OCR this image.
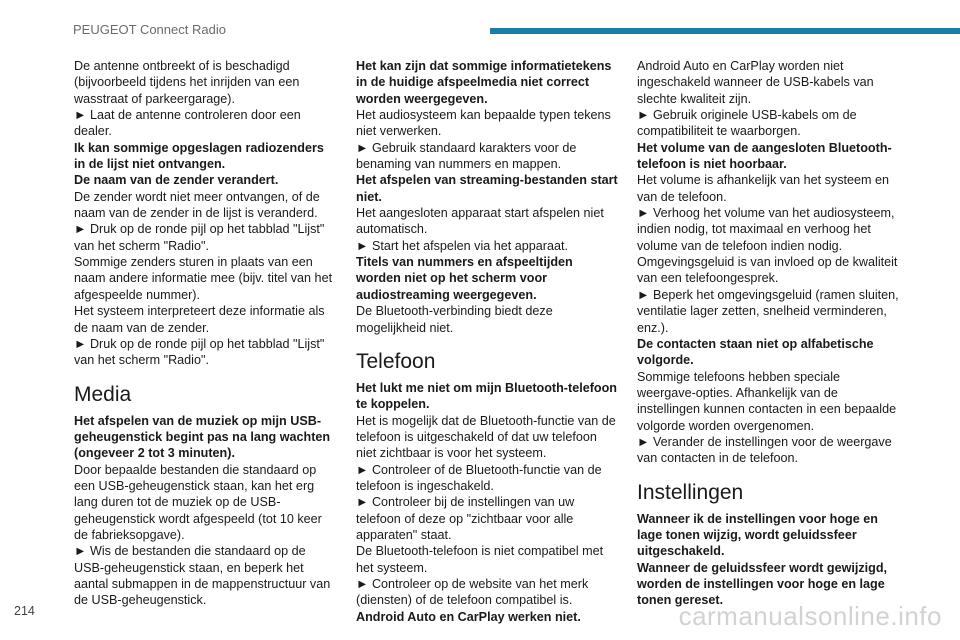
PEUGEOT Connect Radio

De antenne ontbreekt of is beschadigd (bijvoorbeeld tijdens het inrijden van een wasstraat of parkeergarage).

► Laat de antenne controleren door een dealer.

Ik kan sommige opgeslagen radiozenders in de lijst niet ontvangen.

De naam van de zender verandert.

De zender wordt niet meer ontvangen, of de naam van de zender in de lijst is veranderd.

► Druk op de ronde pijl op het tabblad "Lijst" van het scherm "Radio".

Sommige zenders sturen in plaats van een naam andere informatie mee (bijv. titel van het afgespeelde nummer).

Het systeem interpreteert deze informatie als de naam van de zender.

► Druk op de ronde pijl op het tabblad "Lijst" van het scherm "Radio".

Media

Het afspelen van de muziek op mijn USB-geheugenstick begint pas na lang wachten (ongeveer 2 tot 3 minuten).

Door bepaalde bestanden die standaard op een USB-geheugenstick staan, kan het erg lang duren tot de muziek op de USB-geheugenstick wordt afgespeeld (tot 10 keer de fabrieksopgave).

► Wis de bestanden die standaard op de USB-geheugenstick staan, en beperk het aantal submappen in de mappenstructuur van de USB-geheugenstick.

Het kan zijn dat sommige informatietekens in de huidige afspeelmedia niet correct worden weergegeven.

Het audiosysteem kan bepaalde typen tekens niet verwerken.

► Gebruik standaard karakters voor de benaming van nummers en mappen.

Het afspelen van streaming-bestanden start niet.

Het aangesloten apparaat start afspelen niet automatisch.

► Start het afspelen via het apparaat.

Titels van nummers en afspeeltijden worden niet op het scherm voor audiostreaming weergegeven.

De Bluetooth-verbinding biedt deze mogelijkheid niet.

Telefoon

Het lukt me niet om mijn Bluetooth-telefoon te koppelen.

Het is mogelijk dat de Bluetooth-functie van de telefoon is uitgeschakeld of dat uw telefoon niet zichtbaar is voor het systeem.

► Controleer of de Bluetooth-functie van de telefoon is ingeschakeld.

► Controleer bij de instellingen van uw telefoon of deze op "zichtbaar voor alle apparaten" staat.

De Bluetooth-telefoon is niet compatibel met het systeem.

► Controleer op de website van het merk (diensten) of de telefoon compatibel is.

Android Auto en CarPlay werken niet.

Android Auto en CarPlay worden niet ingeschakeld wanneer de USB-kabels van slechte kwaliteit zijn.

► Gebruik originele USB-kabels om de compatibiliteit te waarborgen.

Het volume van de aangesloten Bluetooth-telefoon is niet hoorbaar.

Het volume is afhankelijk van het systeem en van de telefoon.

► Verhoog het volume van het audiosysteem, indien nodig, tot maximaal en verhoog het volume van de telefoon indien nodig.

Omgevingsgeluid is van invloed op de kwaliteit van een telefoongesprek.

► Beperk het omgevingsgeluid (ramen sluiten, ventilatie lager zetten, snelheid verminderen, enz.).

De contacten staan niet op alfabetische volgorde.

Sommige telefoons hebben speciale weergave-opties. Afhankelijk van de instellingen kunnen contacten in een bepaalde volgorde worden overgenomen.

► Verander de instellingen voor de weergave van contacten in de telefoon.

Instellingen

Wanneer ik de instellingen voor hoge en lage tonen wijzig, wordt geluidssfeer uitgeschakeld.

Wanneer de geluidssfeer wordt gewijzigd, worden de instellingen voor hoge en lage tonen gereset.

214	carmanualsonline.info
